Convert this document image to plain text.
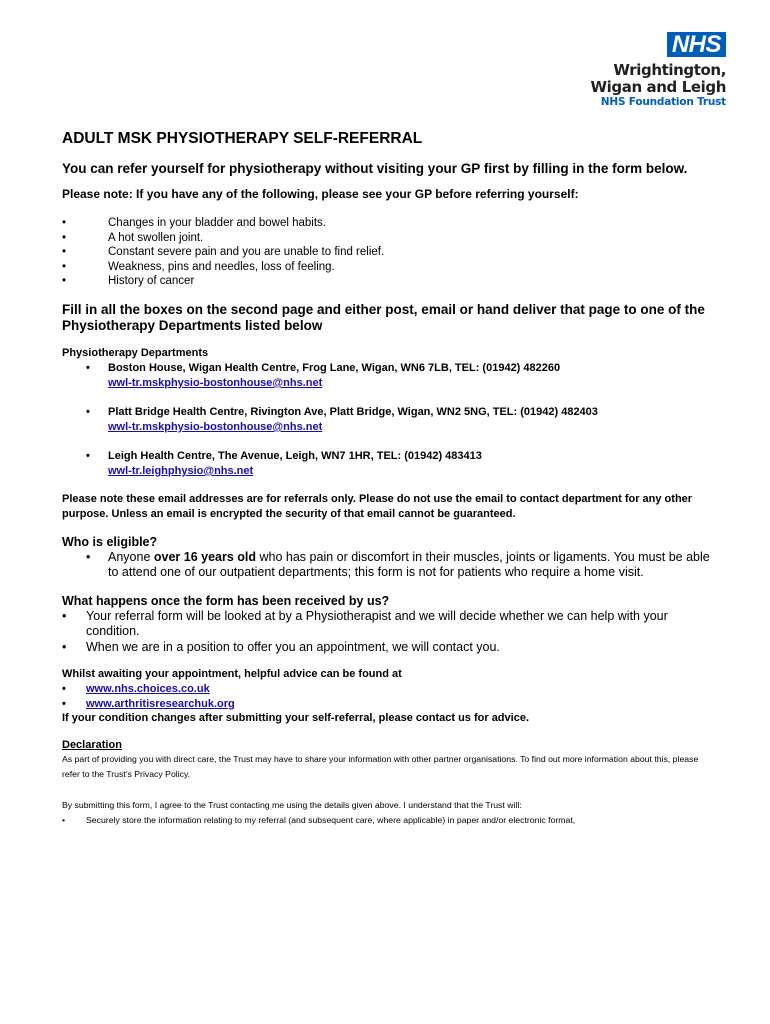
NHS
Wrightington,
Wigan and Leigh
NHS Foundation Trust
ADULT MSK PHYSIOTHERAPY SELF-REFERRAL

You can refer yourself for physiotherapy without visiting your GP first by filling in the form below.

Please note: If you have any of the following, please see your GP before referring yourself:

•	Changes in your bladder and bowel habits.
•	A hot swollen joint.
•	Constant severe pain and you are unable to find relief.
•	Weakness, pins and needles, loss of feeling.
•	History of cancer

Fill in all the boxes on the second page and either post, email or hand deliver that page to one of the Physiotherapy Departments listed below

Physiotherapy Departments

• Boston House, Wigan Health Centre, Frog Lane, Wigan, WN6 7LB, TEL: (01942) 482260
wwl-tr.mskphysio-bostonhouse@nhs.net
• Platt Bridge Health Centre, Rivington Ave, Platt Bridge, Wigan, WN2 5NG, TEL: (01942) 482403
wwl-tr.mskphysio-bostonhouse@nhs.net
• Leigh Health Centre, The Avenue, Leigh, WN7 1HR, TEL: (01942) 483413
wwl-tr.leighphysio@nhs.net

Please note these email addresses are for referrals only. Please do not use the email to contact department for any other purpose. Unless an email is encrypted the security of that email cannot be guaranteed.

Who is eligible?

• Anyone over 16 years old who has pain or discomfort in their muscles, joints or ligaments. You must be able to attend one of our outpatient departments; this form is not for patients who require a home visit.

What happens once the form has been received by us?

• Your referral form will be looked at by a Physiotherapist and we will decide whether we can help with your condition.
• When we are in a position to offer you an appointment, we will contact you.

Whilst awaiting your appointment, helpful advice can be found at

• www.nhs.choices.co.uk
• www.arthritisresearchuk.org
If your condition changes after submitting your self-referral, please contact us for advice.

Declaration

As part of providing you with direct care, the Trust may have to share your information with other partner organisations. To find out more information about this, please refer to the Trust’s Privacy Policy.

By submitting this form, I agree to the Trust contacting me using the details given above. I understand that the Trust will:

• Securely store the information relating to my referral (and subsequent care, where applicable) in paper and/or electronic format,
